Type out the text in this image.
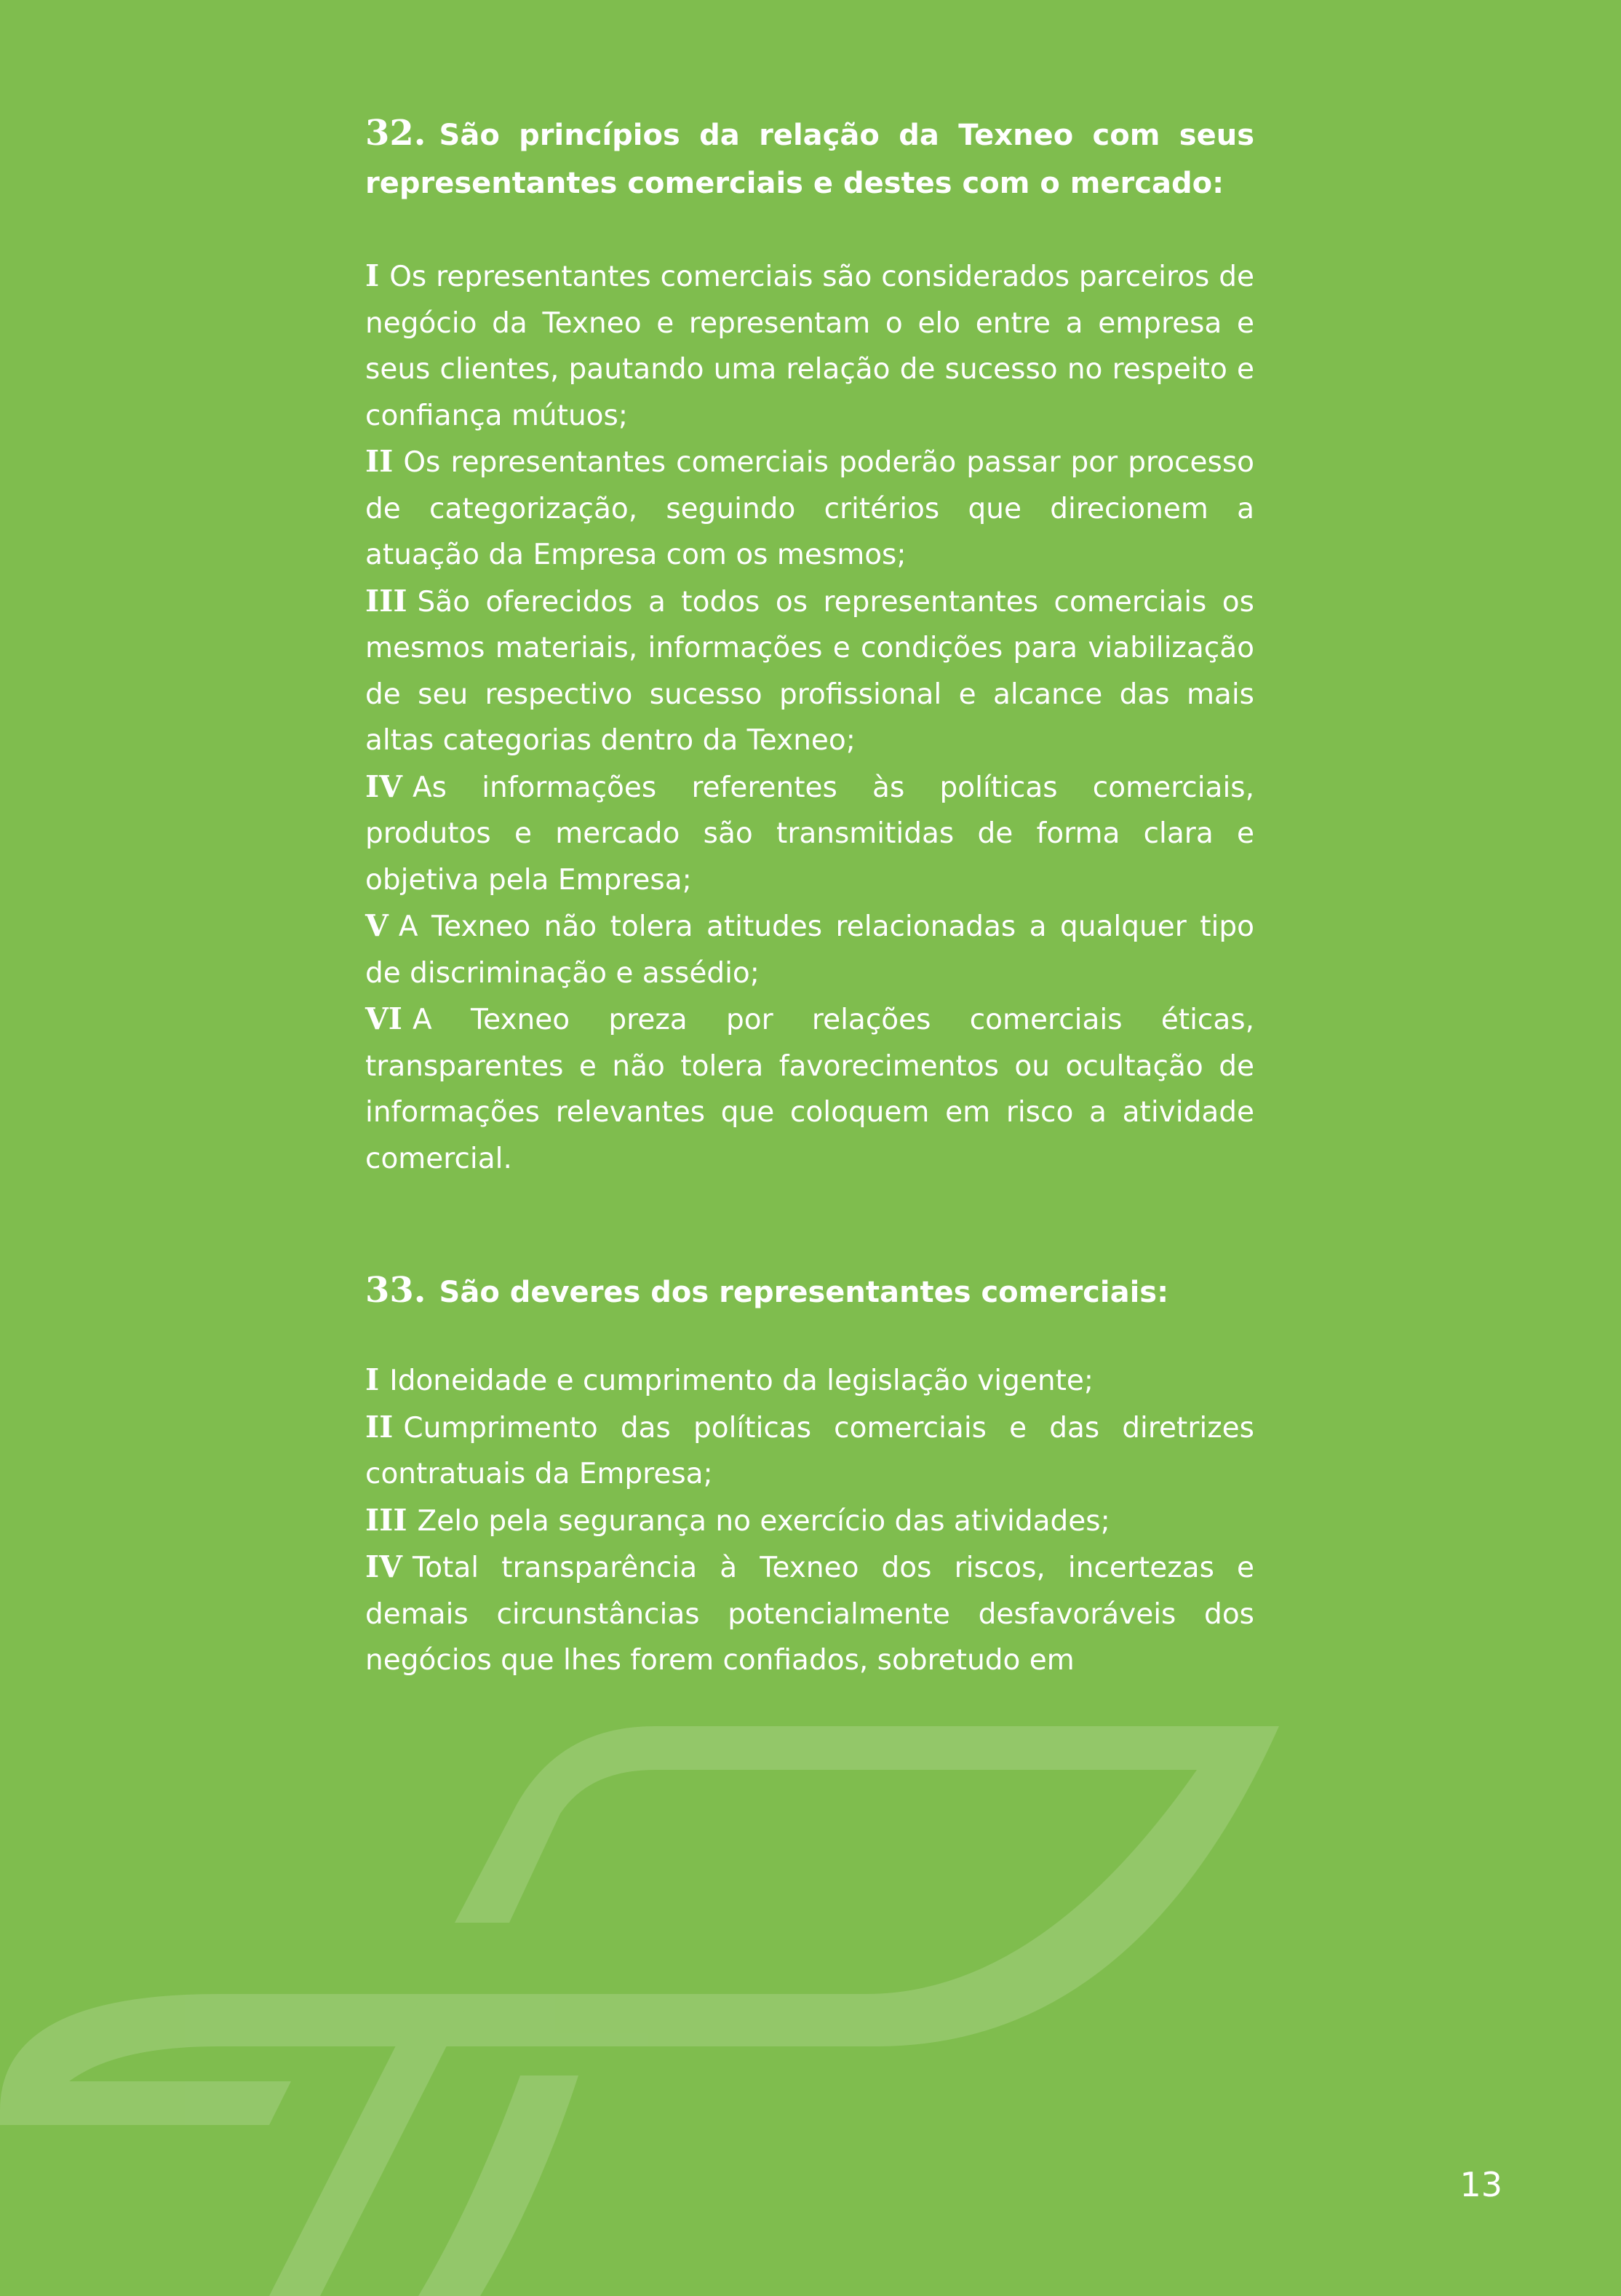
32. São princípios da relação da Texneo com seus representantes comerciais e destes com o mercado:

I Os representantes comerciais são considerados parceiros de negócio da Texneo e representam o elo entre a empresa e seus clientes, pautando uma relação de sucesso no respeito e confiança mútuos;

II Os representantes comerciais poderão passar por processo de categorização, seguindo critérios que direcionem a atuação da Empresa com os mesmos;

III São oferecidos a todos os representantes comerciais os mesmos materiais, informações e condições para viabilização de seu respectivo sucesso profissional e alcance das mais altas categorias dentro da Texneo;

IV As informações referentes às políticas comerciais, produtos e mercado são transmitidas de forma clara e objetiva pela Empresa;

V A Texneo não tolera atitudes relacionadas a qualquer tipo de discriminação e assédio;

VI A Texneo preza por relações comerciais éticas, transparentes e não tolera favorecimentos ou ocultação de informações relevantes que coloquem em risco a atividade comercial.

33. São deveres dos representantes comerciais:

I Idoneidade e cumprimento da legislação vigente;

II Cumprimento das políticas comerciais e das diretrizes contratuais da Empresa;

III Zelo pela segurança no exercício das atividades;

IV Total transparência à Texneo dos riscos, incertezas e demais circunstâncias potencialmente desfavoráveis dos negócios que lhes forem confiados, sobretudo em

13
